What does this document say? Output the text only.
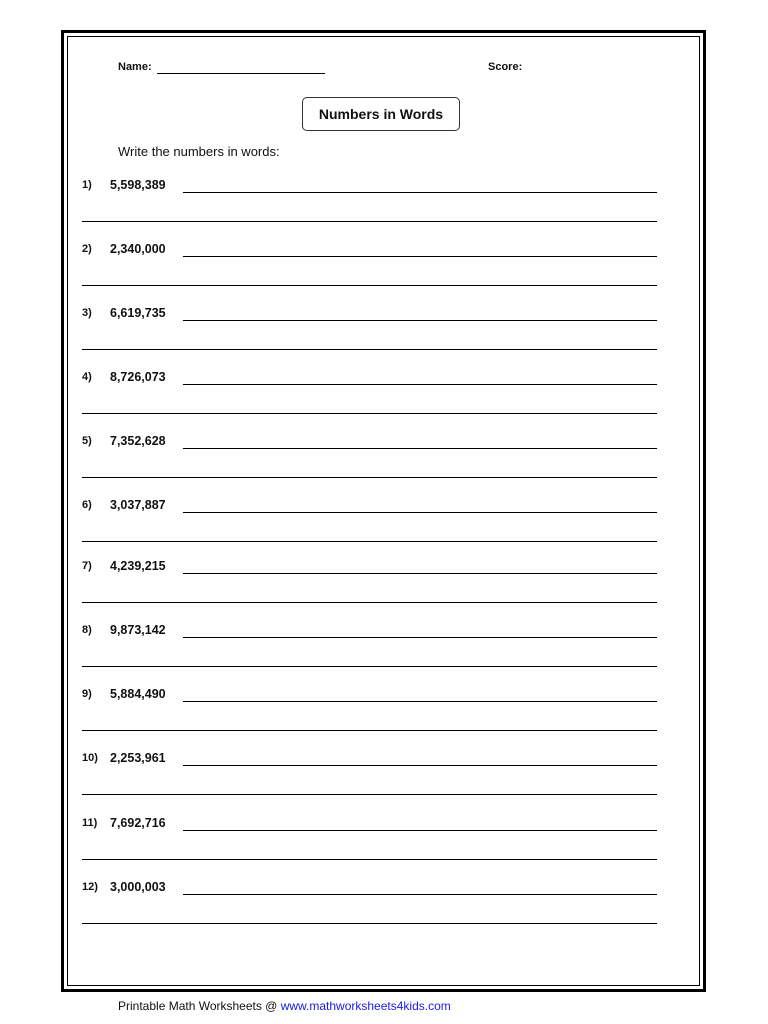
Name:	Score:
Numbers in Words
Write the numbers in words:
1) 5,598,389
2) 2,340,000
3) 6,619,735
4) 8,726,073
5) 7,352,628
6) 3,037,887
7) 4,239,215
8) 9,873,142
9) 5,884,490
10) 2,253,961
11) 7,692,716
12) 3,000,003
Printable Math Worksheets @ www.mathworksheets4kids.com
